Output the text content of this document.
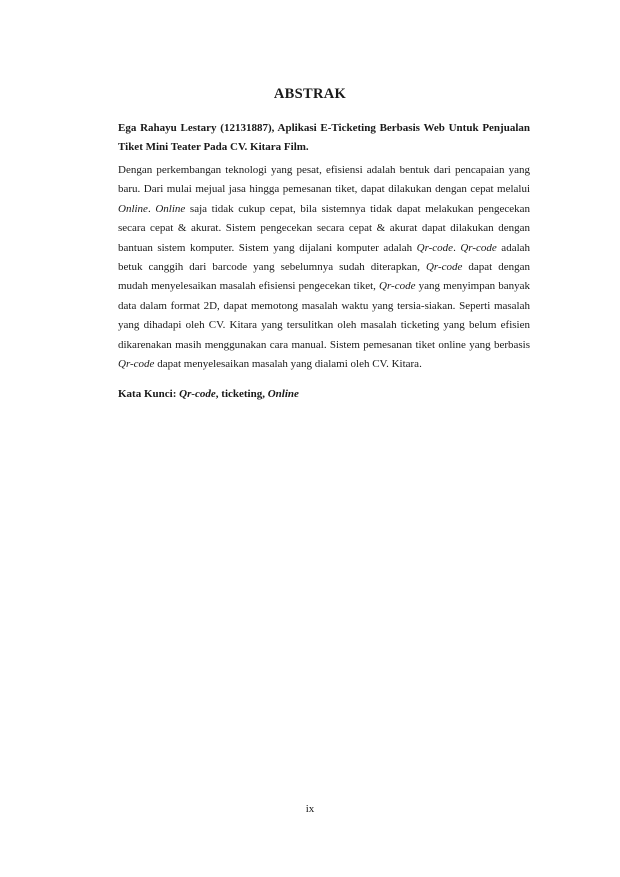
ABSTRAK

Ega Rahayu Lestary (12131887), Aplikasi E-Ticketing Berbasis Web Untuk Penjualan Tiket Mini Teater Pada CV. Kitara Film.

Dengan perkembangan teknologi yang pesat, efisiensi adalah bentuk dari pencapaian yang baru. Dari mulai mejual jasa hingga pemesanan tiket, dapat dilakukan dengan cepat melalui Online. Online saja tidak cukup cepat, bila sistemnya tidak dapat melakukan pengecekan secara cepat & akurat. Sistem pengecekan secara cepat & akurat dapat dilakukan dengan bantuan sistem komputer. Sistem yang dijalani komputer adalah Qr-code. Qr-code adalah betuk canggih dari barcode yang sebelumnya sudah diterapkan, Qr-code dapat dengan mudah menyelesaikan masalah efisiensi pengecekan tiket, Qr-code yang menyimpan banyak data dalam format 2D, dapat memotong masalah waktu yang tersia-siakan. Seperti masalah yang dihadapi oleh CV. Kitara yang tersulitkan oleh masalah ticketing yang belum efisien dikarenakan masih menggunakan cara manual. Sistem pemesanan tiket online yang berbasis Qr-code dapat menyelesaikan masalah yang dialami oleh CV. Kitara.

Kata Kunci: Qr-code, ticketing, Online
ix
